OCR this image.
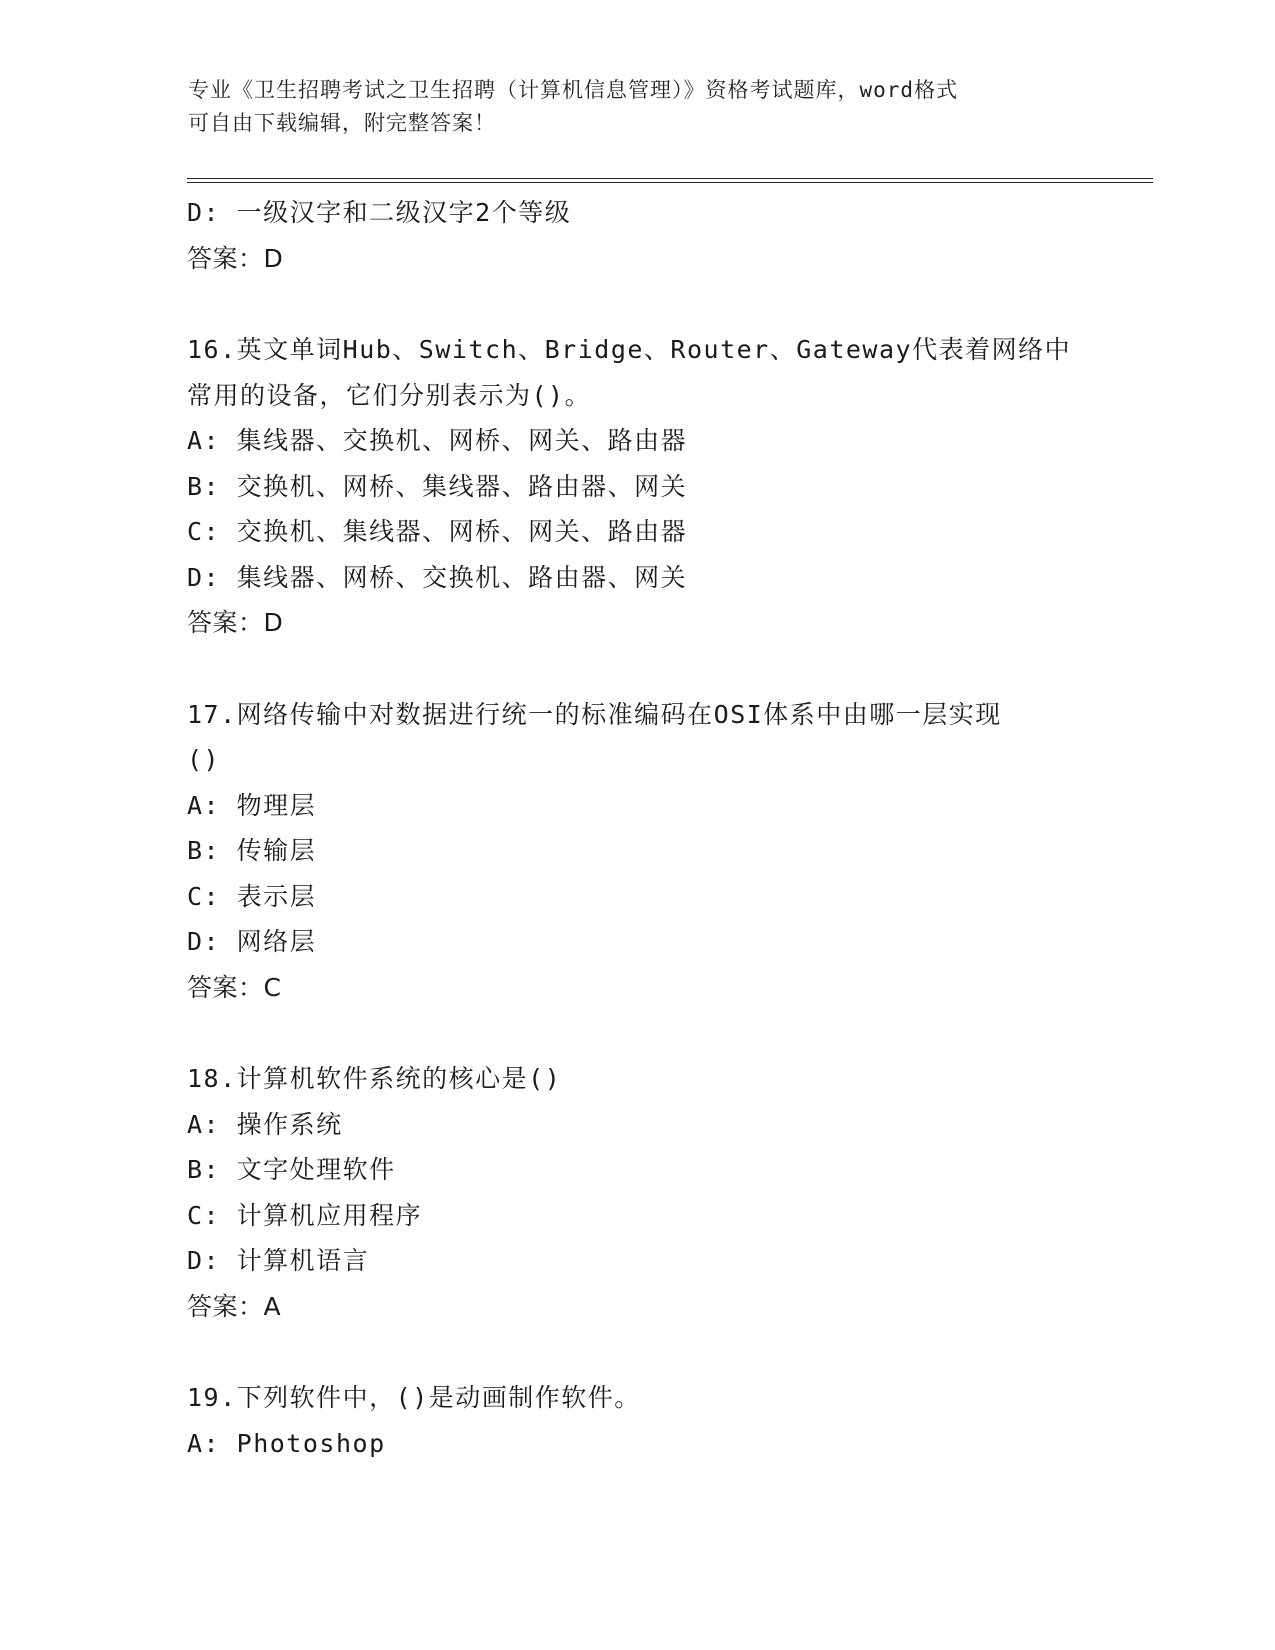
专业《卫生招聘考试之卫生招聘（计算机信息管理）》资格考试题库，word格式
可自由下载编辑，附完整答案！
D: 一级汉字和二级汉字2个等级
答案：D
16.英文单词Hub、Switch、Bridge、Router、Gateway代表着网络中
常用的设备，它们分别表示为()。
A: 集线器、交换机、网桥、网关、路由器
B: 交换机、网桥、集线器、路由器、网关
C: 交换机、集线器、网桥、网关、路由器
D: 集线器、网桥、交换机、路由器、网关
答案：D
17.网络传输中对数据进行统一的标准编码在OSI体系中由哪一层实现
()
A: 物理层
B: 传输层
C: 表示层
D: 网络层
答案：C
18.计算机软件系统的核心是()
A: 操作系统
B: 文字处理软件
C: 计算机应用程序
D: 计算机语言
答案：A
19.下列软件中，()是动画制作软件。
A: Photoshop
